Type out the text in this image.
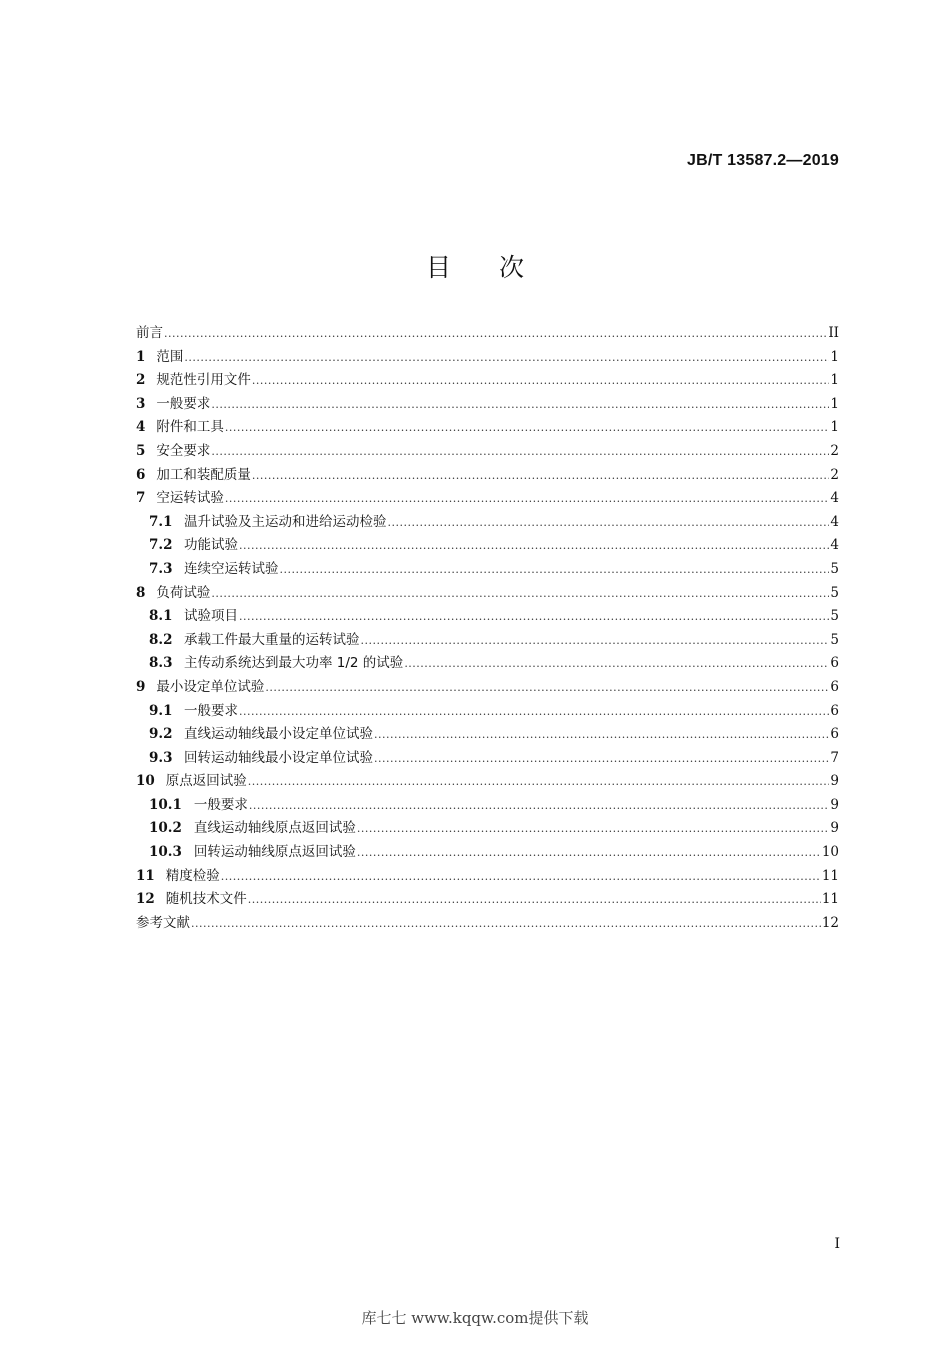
JB/T 13587.2—2019
目次
前言 .....	II
1 范围 .....	1
2 规范性引用文件 .....	1
3 一般要求 .....	1
4 附件和工具 .....	1
5 安全要求 .....	2
6 加工和装配质量 .....	2
7 空运转试验 .....	4
7.1 温升试验及主运动和进给运动检验 .....	4
7.2 功能试验 .....	4
7.3 连续空运转试验 .....	5
8 负荷试验 .....	5
8.1 试验项目 .....	5
8.2 承载工件最大重量的运转试验 .....	5
8.3 主传动系统达到最大功率 1/2 的试验 .....	6
9 最小设定单位试验 .....	6
9.1 一般要求 .....	6
9.2 直线运动轴线最小设定单位试验 .....	6
9.3 回转运动轴线最小设定单位试验 .....	7
10 原点返回试验 .....	9
10.1 一般要求 .....	9
10.2 直线运动轴线原点返回试验 .....	9
10.3 回转运动轴线原点返回试验 .....	10
11 精度检验 .....	11
12 随机技术文件 .....	11
参考文献 .....	12
I
库七七 www.kqqw.com提供下载
